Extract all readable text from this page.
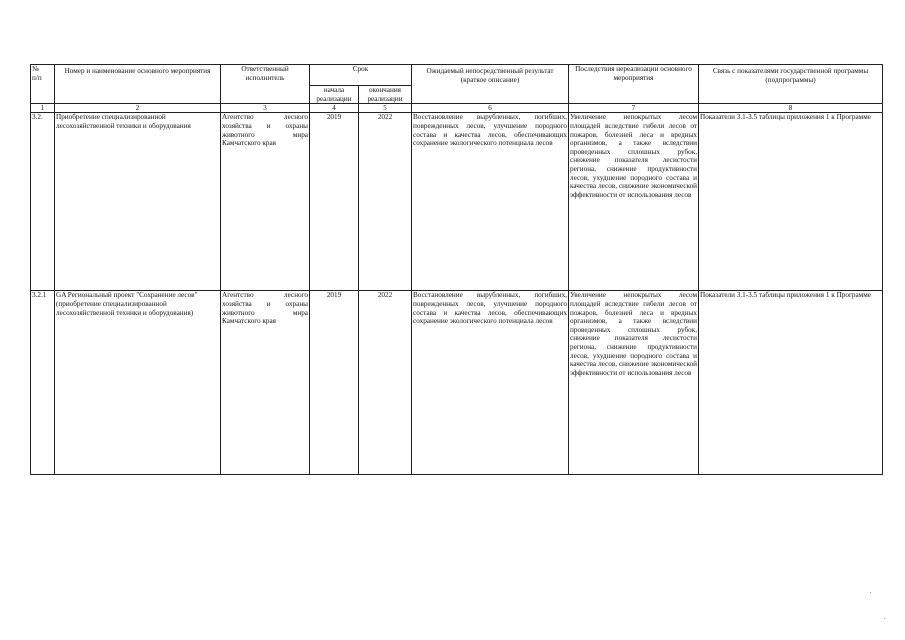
№
п/п	Номер и наименование основного мероприятия	Ответственный исполнитель	Срок		Ожидаемый непосредственный результат
(краткое описание)	Последствия нереализации основного мероприятия	Связь с показателями государственной программы
(подпрограммы)
			начала реализации	окончания реализации			
1	2	3	4	5	6	7	8
3.2.	Приобретение специализированной лесохозяйственной техники и оборудования	Агентство лесного хозяйства и охраны животного мира Камчатского края	2019	2022	Восстановление вырубленных, погибших, поврежденных лесов, улучшение породного состава и качества лесов, обеспечивающих сохранение экологического потенциала лесов	Увеличение непокрытых лесом площадей вследствие гибели лесов от пожаров, болезней леса и вредных организмов, а также вследствии проведенных сплошных рубок, снижение показателя лесистости региона, снижение продуктивности лесов, ухудшение породного состава и качества лесов, снижение экономической эффективности от использования лесов	Показатели 3.1-3.5 таблицы приложения 1 к Программе
3.2.1	GA Региональный проект "Сохранение лесов" (приобретение специализированной лесохозяйственной техники и оборудования)	Агентство лесного хозяйства и охраны животного мира Камчатского края	2019	2022	Восстановление вырубленных, погибших, поврежденных лесов, улучшение породного состава и качества лесов, обеспечивающих сохранение экологического потенциала лесов	Увеличение непокрытых лесом площадей вследствие гибели лесов от пожаров, болезней леса и вредных организмов, а также вследствии проведенных сплошных рубок, снижение показателя лесистости региона, снижение продуктивности лесов, ухудшение породного состава и качества лесов, снижение экономической эффективности от использования лесов	Показатели 3.1-3.5 таблицы приложения 1 к Программе
